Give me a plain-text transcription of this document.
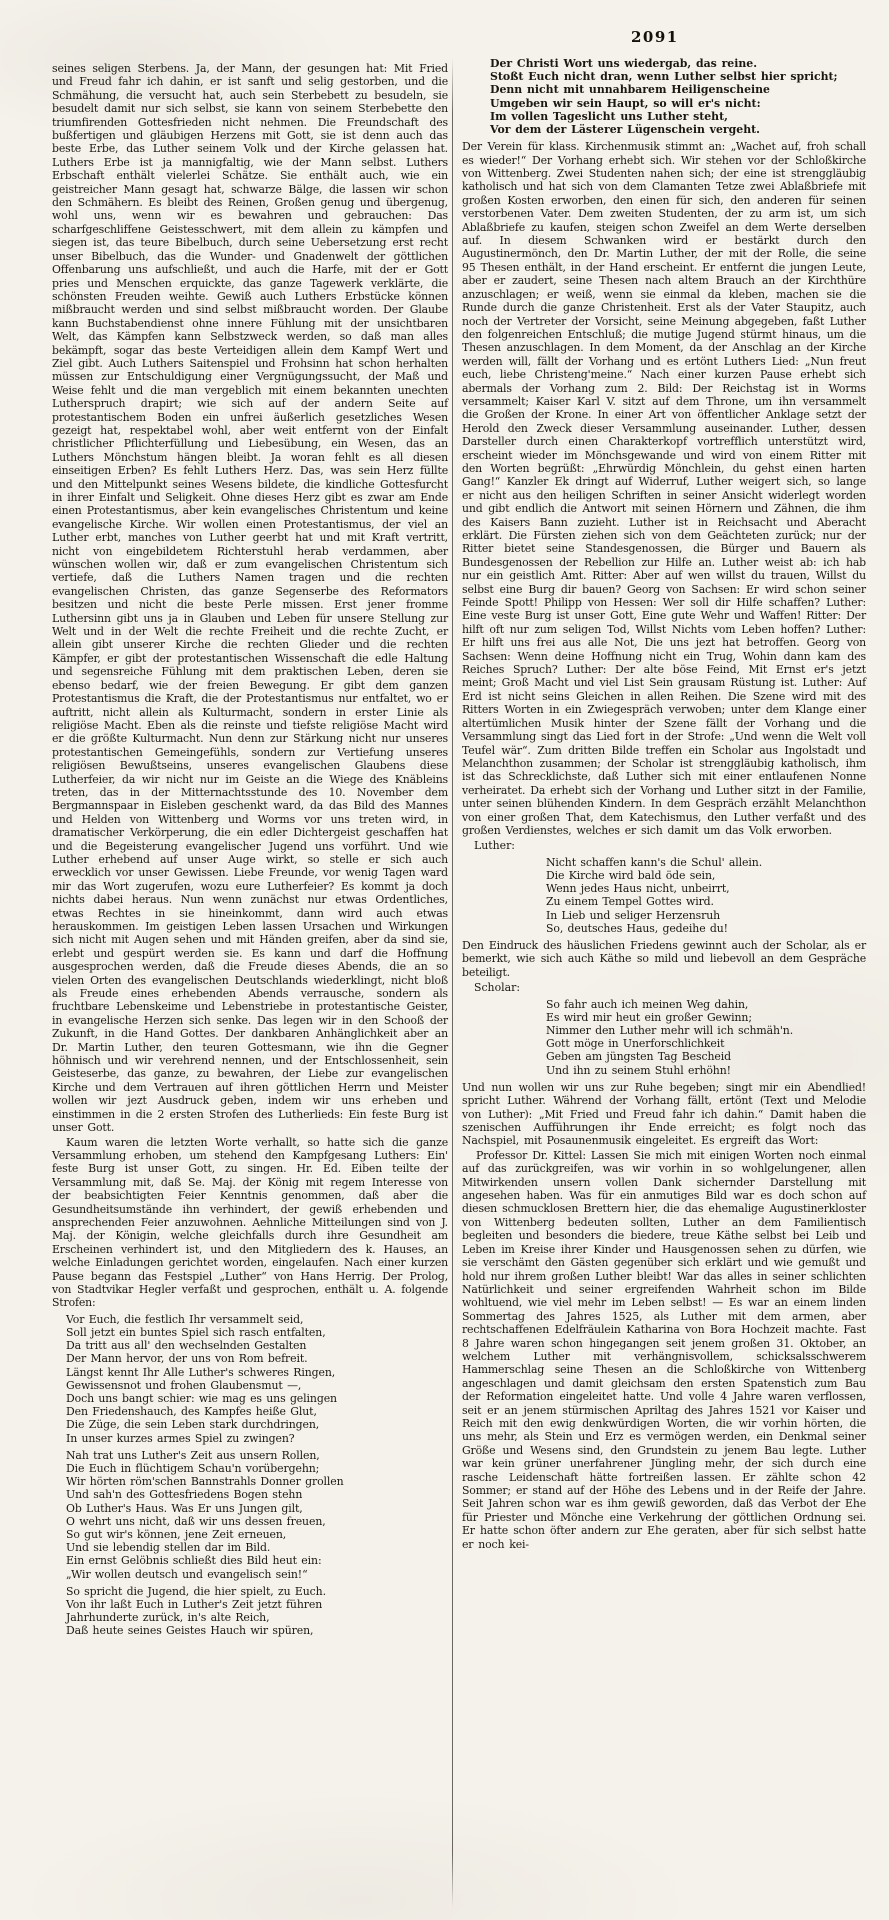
2091

seines seligen Sterbens. Ja, der Mann, der gesungen hat: Mit Fried und Freud fahr ich dahin, er ist sanft und selig gestorben, und die Schmähung, die versucht hat, auch sein Sterbebett zu besudeln, sie besudelt damit nur sich selbst, sie kann von seinem Sterbebette den triumfirenden Gottesfrieden nicht nehmen. Die Freundschaft des bußfertigen und gläubigen Herzens mit Gott, sie ist denn auch das beste Erbe, das Luther seinem Volk und der Kirche gelassen hat. Luthers Erbe ist ja mannigfaltig, wie der Mann selbst. Luthers Erbschaft enthält vielerlei Schätze. Sie enthält auch, wie ein geistreicher Mann gesagt hat, schwarze Bälge, die lassen wir schon den Schmähern. Es bleibt des Reinen, Großen genug und übergenug, wohl uns, wenn wir es bewahren und gebrauchen: Das scharfgeschliffene Geistesschwert, mit dem allein zu kämpfen und siegen ist, das teure Bibelbuch, durch seine Uebersetzung erst recht unser Bibelbuch, das die Wunder- und Gnadenwelt der göttlichen Offenbarung uns aufschließt, und auch die Harfe, mit der er Gott pries und Menschen erquickte, das ganze Tagewerk verklärte, die schönsten Freuden weihte. Gewiß auch Luthers Erbstücke können mißbraucht werden und sind selbst mißbraucht worden. Der Glaube kann Buchstabendienst ohne innere Fühlung mit der unsichtbaren Welt, das Kämpfen kann Selbstzweck werden, so daß man alles bekämpft, sogar das beste Verteidigen allein dem Kampf Wert und Ziel gibt. Auch Luthers Saitenspiel und Frohsinn hat schon herhalten müssen zur Entschuldigung einer Vergnügungssucht, der Maß und Weise fehlt und die man vergeblich mit einem bekannten unechten Lutherspruch drapirt; wie sich auf der andern Seite auf protestantischem Boden ein unfrei äußerlich gesetzliches Wesen gezeigt hat, respektabel wohl, aber weit entfernt von der Einfalt christlicher Pflichterfüllung und Liebesübung, ein Wesen, das an Luthers Mönchstum hängen bleibt. Ja woran fehlt es all diesen einseitigen Erben? Es fehlt Luthers Herz. Das, was sein Herz füllte und den Mittelpunkt seines Wesens bildete, die kindliche Gottesfurcht in ihrer Einfalt und Seligkeit. Ohne dieses Herz gibt es zwar am Ende einen Protestantismus, aber kein evangelisches Christentum und keine evangelische Kirche. Wir wollen einen Protestantismus, der viel an Luther erbt, manches von Luther geerbt hat und mit Kraft vertritt, nicht von eingebildetem Richterstuhl herab verdammen, aber wünschen wollen wir, daß er zum evangelischen Christentum sich vertiefe, daß die Luthers Namen tragen und die rechten evangelischen Christen, das ganze Segenserbe des Reformators besitzen und nicht die beste Perle missen. Erst jener fromme Luthersinn gibt uns ja in Glauben und Leben für unsere Stellung zur Welt und in der Welt die rechte Freiheit und die rechte Zucht, er allein gibt unserer Kirche die rechten Glieder und die rechten Kämpfer, er gibt der protestantischen Wissenschaft die edle Haltung und segensreiche Fühlung mit dem praktischen Leben, deren sie ebenso bedarf, wie der freien Bewegung. Er gibt dem ganzen Protestantismus die Kraft, die der Protestantismus nur entfaltet, wo er auftritt, nicht allein als Kulturmacht, sondern in erster Linie als religiöse Macht. Eben als die reinste und tiefste religiöse Macht wird er die größte Kulturmacht. Nun denn zur Stärkung nicht nur unseres protestantischen Gemeingefühls, sondern zur Vertiefung unseres religiösen Bewußtseins, unseres evangelischen Glaubens diese Lutherfeier, da wir nicht nur im Geiste an die Wiege des Knäbleins treten, das in der Mitternachtsstunde des 10. November dem Bergmannspaar in Eisleben geschenkt ward, da das Bild des Mannes und Helden von Wittenberg und Worms vor uns treten wird, in dramatischer Verkörperung, die ein edler Dichtergeist geschaffen hat und die Begeisterung evangelischer Jugend uns vorführt. Und wie Luther erhebend auf unser Auge wirkt, so stelle er sich auch erwecklich vor unser Gewissen. Liebe Freunde, vor wenig Tagen ward mir das Wort zugerufen, wozu eure Lutherfeier? Es kommt ja doch nichts dabei heraus. Nun wenn zunächst nur etwas Ordentliches, etwas Rechtes in sie hineinkommt, dann wird auch etwas herauskommen. Im geistigen Leben lassen Ursachen und Wirkungen sich nicht mit Augen sehen und mit Händen greifen, aber da sind sie, erlebt und gespürt werden sie. Es kann und darf die Hoffnung ausgesprochen werden, daß die Freude dieses Abends, die an so vielen Orten des evangelischen Deutschlands wiederklingt, nicht bloß als Freude eines erhebenden Abends verrausche, sondern als fruchtbare Lebenskeime und Lebenstriebe in protestantische Geister, in evangelische Herzen sich senke. Das legen wir in den Schooß der Zukunft, in die Hand Gottes. Der dankbaren Anhänglichkeit aber an Dr. Martin Luther, den teuren Gottesmann, wie ihn die Gegner höhnisch und wir verehrend nennen, und der Entschlossenheit, sein Geisteserbe, das ganze, zu bewahren, der Liebe zur evangelischen Kirche und dem Vertrauen auf ihren göttlichen Herrn und Meister wollen wir jezt Ausdruck geben, indem wir uns erheben und einstimmen in die 2 ersten Strofen des Lutherlieds: Ein feste Burg ist unser Gott.

Kaum waren die letzten Worte verhallt, so hatte sich die ganze Versammlung erhoben, um stehend den Kampfgesang Luthers: Ein' feste Burg ist unser Gott, zu singen. Hr. Ed. Eiben teilte der Versammlung mit, daß Se. Maj. der König mit regem Interesse von der beabsichtigten Feier Kenntnis genommen, daß aber die Gesundheitsumstände ihn verhindert, der gewiß erhebenden und ansprechenden Feier anzuwohnen. Aehnliche Mitteilungen sind von J. Maj. der Königin, welche gleichfalls durch ihre Gesundheit am Erscheinen verhindert ist, und den Mitgliedern des k. Hauses, an welche Einladungen gerichtet worden, eingelaufen. Nach einer kurzen Pause begann das Festspiel „Luther“ von Hans Herrig. Der Prolog, von Stadtvikar Hegler verfaßt und gesprochen, enthält u. A. folgende Strofen:

Vor Euch, die festlich Ihr versammelt seid,
Soll jetzt ein buntes Spiel sich rasch entfalten,
Da tritt aus all' den wechselnden Gestalten
Der Mann hervor, der uns von Rom befreit.
Längst kennt Ihr Alle Luther's schweres Ringen,
Gewissensnot und frohen Glaubensmut —,
Doch uns bangt schier: wie mag es uns gelingen
Den Friedenshauch, des Kampfes heiße Glut,
Die Züge, die sein Leben stark durchdringen,
In unser kurzes armes Spiel zu zwingen?
Nah trat uns Luther's Zeit aus unsern Rollen,
Die Euch in flüchtigem Schau'n vorübergehn;
Wir hörten röm'schen Bannstrahls Donner grollen
Und sah'n des Gottesfriedens Bogen stehn
Ob Luther's Haus. Was Er uns Jungen gilt,
O wehrt uns nicht, daß wir uns dessen freuen,
So gut wir's können, jene Zeit erneuen,
Und sie lebendig stellen dar im Bild.
Ein ernst Gelöbnis schließt dies Bild heut ein:
„Wir wollen deutsch und evangelisch sein!“
So spricht die Jugend, die hier spielt, zu Euch.
Von ihr laßt Euch in Luther's Zeit jetzt führen
Jahrhunderte zurück, in's alte Reich,
Daß heute seines Geistes Hauch wir spüren,
Der Christi Wort uns wiedergab, das reine.
Stoßt Euch nicht dran, wenn Luther selbst hier spricht;
Denn nicht mit unnahbarem Heiligenscheine
Umgeben wir sein Haupt, so will er's nicht:
Im vollen Tageslicht uns Luther steht,
Vor dem der Lästerer Lügenschein vergeht.

Der Verein für klass. Kirchenmusik stimmt an: „Wachet auf, froh schall es wieder!“ Der Vorhang erhebt sich. Wir stehen vor der Schloßkirche von Wittenberg. Zwei Studenten nahen sich; der eine ist strenggläubig katholisch und hat sich von dem Clamanten Tetze zwei Ablaßbriefe mit großen Kosten erworben, den einen für sich, den anderen für seinen verstorbenen Vater. Dem zweiten Studenten, der zu arm ist, um sich Ablaßbriefe zu kaufen, steigen schon Zweifel an dem Werte derselben auf. In diesem Schwanken wird er bestärkt durch den Augustinermönch, den Dr. Martin Luther, der mit der Rolle, die seine 95 Thesen enthält, in der Hand erscheint. Er entfernt die jungen Leute, aber er zaudert, seine Thesen nach altem Brauch an der Kirchthüre anzuschlagen; er weiß, wenn sie einmal da kleben, machen sie die Runde durch die ganze Christenheit. Erst als der Vater Staupitz, auch noch der Vertreter der Vorsicht, seine Meinung abgegeben, faßt Luther den folgenreichen Entschluß; die mutige Jugend stürmt hinaus, um die Thesen anzuschlagen. In dem Moment, da der Anschlag an der Kirche werden will, fällt der Vorhang und es ertönt Luthers Lied: „Nun freut euch, liebe Christeng'meine.“ Nach einer kurzen Pause erhebt sich abermals der Vorhang zum 2. Bild: Der Reichstag ist in Worms versammelt; Kaiser Karl V. sitzt auf dem Throne, um ihn versammelt die Großen der Krone. In einer Art von öffentlicher Anklage setzt der Herold den Zweck dieser Versammlung auseinander. Luther, dessen Darsteller durch einen Charakterkopf vortrefflich unterstützt wird, erscheint wieder im Mönchsgewande und wird von einem Ritter mit den Worten begrüßt: „Ehrwürdig Mönchlein, du gehst einen harten Gang!“ Kanzler Ek dringt auf Widerruf, Luther weigert sich, so lange er nicht aus den heiligen Schriften in seiner Ansicht widerlegt worden und gibt endlich die Antwort mit seinen Hörnern und Zähnen, die ihm des Kaisers Bann zuzieht. Luther ist in Reichsacht und Aberacht erklärt. Die Fürsten ziehen sich von dem Geächteten zurück; nur der Ritter bietet seine Standesgenossen, die Bürger und Bauern als Bundesgenossen der Rebellion zur Hilfe an. Luther weist ab: ich hab nur ein geistlich Amt. Ritter: Aber auf wen willst du trauen, Willst du selbst eine Burg dir bauen? Georg von Sachsen: Er wird schon seiner Feinde Spott! Philipp von Hessen: Wer soll dir Hilfe schaffen? Luther: Eine veste Burg ist unser Gott, Eine gute Wehr und Waffen! Ritter: Der hilft oft nur zum seligen Tod, Willst Nichts vom Leben hoffen? Luther: Er hilft uns frei aus alle Not, Die uns jezt hat betroffen. Georg von Sachsen: Wenn deine Hoffnung nicht ein Trug, Wohin dann kam des Reiches Spruch? Luther: Der alte böse Feind, Mit Ernst er's jetzt meint; Groß Macht und viel List Sein grausam Rüstung ist. Luther: Auf Erd ist nicht seins Gleichen in allen Reihen. Die Szene wird mit des Ritters Worten in ein Zwiegespräch verwoben; unter dem Klange einer altertümlichen Musik hinter der Szene fällt der Vorhang und die Versammlung singt das Lied fort in der Strofe: „Und wenn die Welt voll Teufel wär“. Zum dritten Bilde treffen ein Scholar aus Ingolstadt und Melanchthon zusammen; der Scholar ist strenggläubig katholisch, ihm ist das Schrecklichste, daß Luther sich mit einer entlaufenen Nonne verheiratet. Da erhebt sich der Vorhang und Luther sitzt in der Familie, unter seinen blühenden Kindern. In dem Gespräch erzählt Melanchthon von einer großen That, dem Katechismus, den Luther verfaßt und des großen Verdienstes, welches er sich damit um das Volk erworben.

Luther:

Nicht schaffen kann's die Schul' allein.
Die Kirche wird bald öde sein,
Wenn jedes Haus nicht, unbeirrt,
Zu einem Tempel Gottes wird.
In Lieb und seliger Herzensruh
So, deutsches Haus, gedeihe du!

Den Eindruck des häuslichen Friedens gewinnt auch der Scholar, als er bemerkt, wie sich auch Käthe so mild und liebevoll an dem Gespräche beteiligt.

Scholar:

So fahr auch ich meinen Weg dahin,
Es wird mir heut ein großer Gewinn;
Nimmer den Luther mehr will ich schmäh'n.
Gott möge in Unerforschlichkeit
Geben am jüngsten Tag Bescheid
Und ihn zu seinem Stuhl erhöhn!

Und nun wollen wir uns zur Ruhe begeben; singt mir ein Abendlied! spricht Luther. Während der Vorhang fällt, ertönt (Text und Melodie von Luther): „Mit Fried und Freud fahr ich dahin.“ Damit haben die szenischen Aufführungen ihr Ende erreicht; es folgt noch das Nachspiel, mit Posaunenmusik eingeleitet. Es ergreift das Wort:

Professor Dr. Kittel: Lassen Sie mich mit einigen Worten noch einmal auf das zurückgreifen, was wir vorhin in so wohlgelungener, allen Mitwirkenden unsern vollen Dank sichernder Darstellung mit angesehen haben. Was für ein anmutiges Bild war es doch schon auf diesen schmucklosen Brettern hier, die das ehemalige Augustinerkloster von Wittenberg bedeuten sollten, Luther an dem Familientisch begleiten und besonders die biedere, treue Käthe selbst bei Leib und Leben im Kreise ihrer Kinder und Hausgenossen sehen zu dürfen, wie sie verschämt den Gästen gegenüber sich erklärt und wie gemußt und hold nur ihrem großen Luther bleibt! War das alles in seiner schlichten Natürlichkeit und seiner ergreifenden Wahrheit schon im Bilde wohltuend, wie viel mehr im Leben selbst! — Es war an einem linden Sommertag des Jahres 1525, als Luther mit dem armen, aber rechtschaffenen Edelfräulein Katharina von Bora Hochzeit machte. Fast 8 Jahre waren schon hingegangen seit jenem großen 31. Oktober, an welchem Luther mit verhängnisvollem, schicksalsschwerem Hammerschlag seine Thesen an die Schloßkirche von Wittenberg angeschlagen und damit gleichsam den ersten Spatenstich zum Bau der Reformation eingeleitet hatte. Und volle 4 Jahre waren verflossen, seit er an jenem stürmischen Apriltag des Jahres 1521 vor Kaiser und Reich mit den ewig denkwürdigen Worten, die wir vorhin hörten, die uns mehr, als Stein und Erz es vermögen werden, ein Denkmal seiner Größe und Wesens sind, den Grundstein zu jenem Bau legte. Luther war kein grüner unerfahrener Jüngling mehr, der sich durch eine rasche Leidenschaft hätte fortreißen lassen. Er zählte schon 42 Sommer; er stand auf der Höhe des Lebens und in der Reife der Jahre. Seit Jahren schon war es ihm gewiß geworden, daß das Verbot der Ehe für Priester und Mönche eine Verkehrung der göttlichen Ordnung sei. Er hatte schon öfter andern zur Ehe geraten, aber für sich selbst hatte er noch kei-
